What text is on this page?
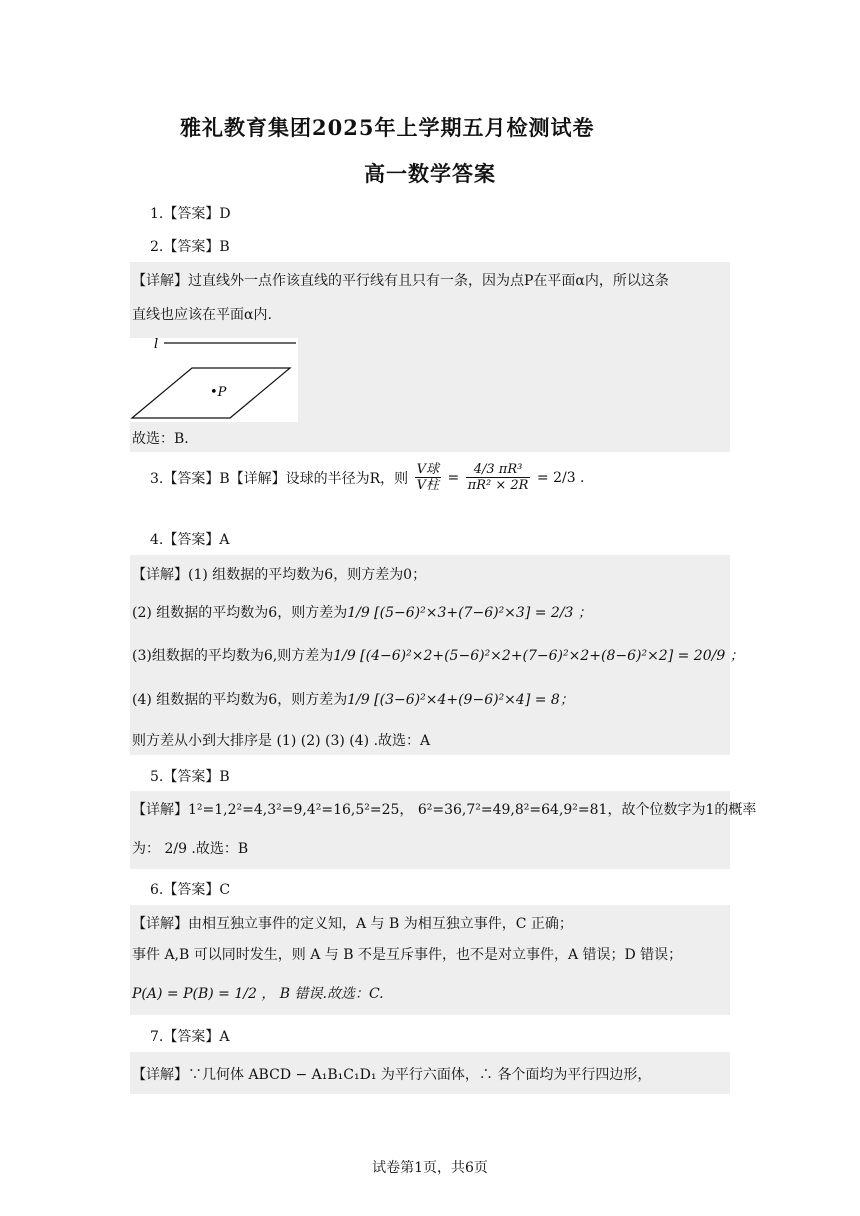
雅礼教育集团2025年上学期五月检测试卷
高一数学答案
1.【答案】D
2.【答案】B
【详解】过直线外一点作该直线的平行线有且只有一条，因为点P在平面α内，所以这条
直线也应该在平面α内.
l
•P
故选：B.
3.【答案】B【详解】设球的半径为R，则 $\frac{\text{V球}}{\text{V柱}} = \frac{\text{4/3 πR³}}{\text{πR² × 2R}} = 2/3$ .
4.【答案】A
【详解】(1) 组数据的平均数为6，则方差为0；
(2) 组数据的平均数为6，则方差为1/9 [(5−6)²×3+(7−6)²×3] = 2/3 ；
(3)组数据的平均数为6,则方差为1/9 [(4−6)²×2+(5−6)²×2+(7−6)²×2+(8−6)²×2] = 20/9 ；
(4) 组数据的平均数为6，则方差为1/9 [(3−6)²×4+(9−6)²×4] = 8；
则方差从小到大排序是 (1) (2) (3) (4) .故选：A
5.【答案】B
【详解】1²=1,2²=4,3²=9,4²=16,5²=25， 6²=36,7²=49,8²=64,9²=81，故个位数字为1的概率
为： 2/9 .故选：B
6.【答案】C
【详解】由相互独立事件的定义知，A 与 B 为相互独立事件，C 正确；
事件 A,B 可以同时发生，则 A 与 B 不是互斥事件，也不是对立事件，A 错误；D 错误；
P(A) = P(B) = 1/2 ， B 错误.故选：C.
7.【答案】A
【详解】∵几何体 ABCD − A₁B₁C₁D₁ 为平行六面体，∴ 各个面均为平行四边形，
试卷第1页，共6页
